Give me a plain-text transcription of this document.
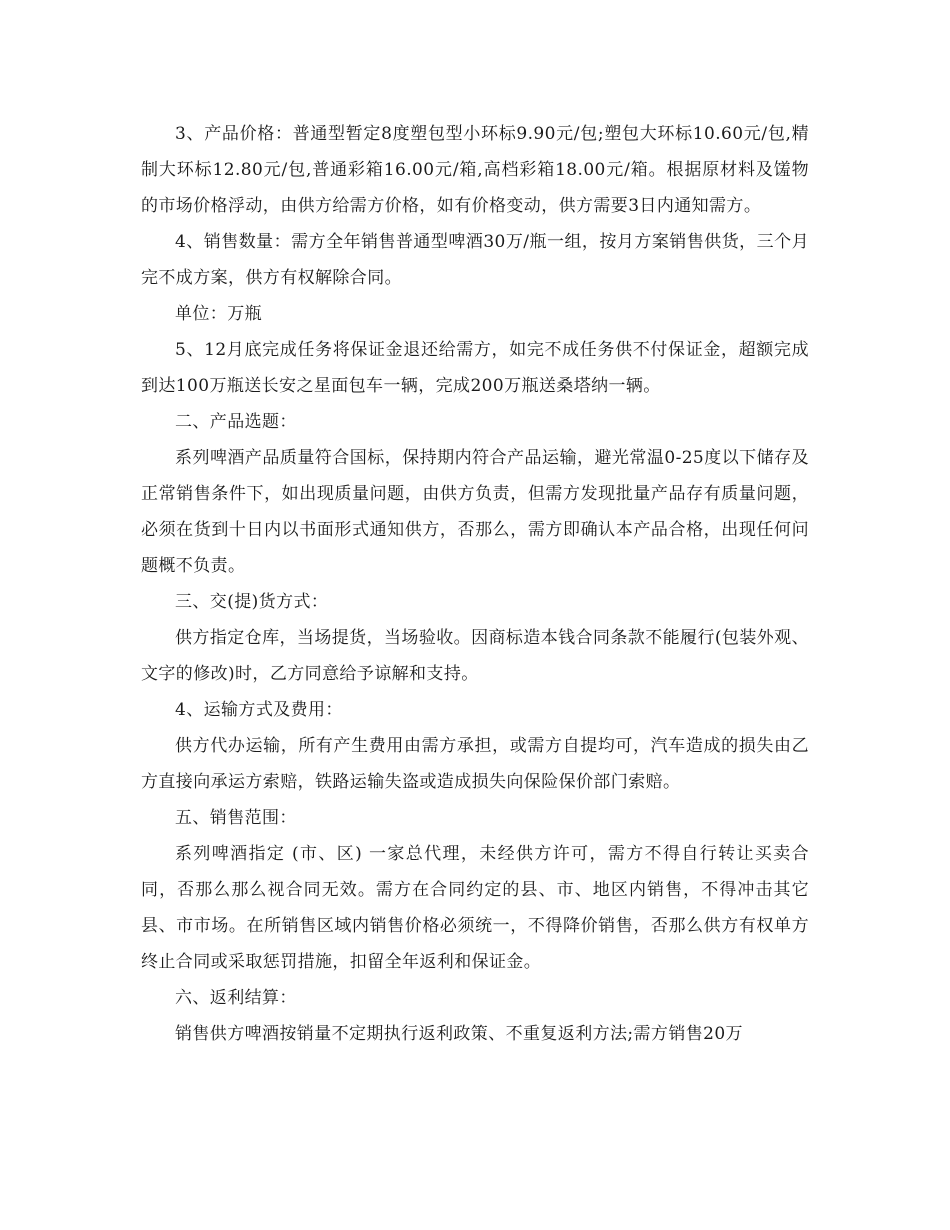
3、产品价格：普通型暂定8度塑包型小环标9.90元/包;塑包大环标10.60元/包,精制大环标12.80元/包,普通彩箱16.00元/箱,高档彩箱18.00元/箱。根据原材料及馐物的市场价格浮动，由供方给需方价格，如有价格变动，供方需要3日内通知需方。

4、销售数量：需方全年销售普通型啤酒30万/瓶一组，按月方案销售供货，三个月完不成方案，供方有权解除合同。

单位：万瓶

5、12月底完成任务将保证金退还给需方，如完不成任务供不付保证金，超额完成到达100万瓶送长安之星面包车一辆，完成200万瓶送桑塔纳一辆。

二、产品选题：

系列啤酒产品质量符合国标，保持期内符合产品运输，避光常温0-25度以下储存及正常销售条件下，如出现质量问题，由供方负责，但需方发现批量产品存有质量问题，必须在货到十日内以书面形式通知供方，否那么，需方即确认本产品合格，出现任何问题概不负责。

三、交(提)货方式：

供方指定仓库，当场提货，当场验收。因商标造本钱合同条款不能履行(包装外观、文字的修改)时，乙方同意给予谅解和支持。

4、运输方式及费用：

供方代办运输，所有产生费用由需方承担，或需方自提均可，汽车造成的损失由乙方直接向承运方索赔，铁路运输失盗或造成损失向保险保价部门索赔。

五、销售范围：

系列啤酒指定 (市、区) 一家总代理，未经供方许可，需方不得自行转让买卖合同，否那么那么视合同无效。需方在合同约定的县、市、地区内销售，不得冲击其它县、市市场。在所销售区域内销售价格必须统一，不得降价销售，否那么供方有权单方终止合同或采取惩罚措施，扣留全年返利和保证金。

六、返利结算：

销售供方啤酒按销量不定期执行返利政策、不重复返利方法;需方销售20万
